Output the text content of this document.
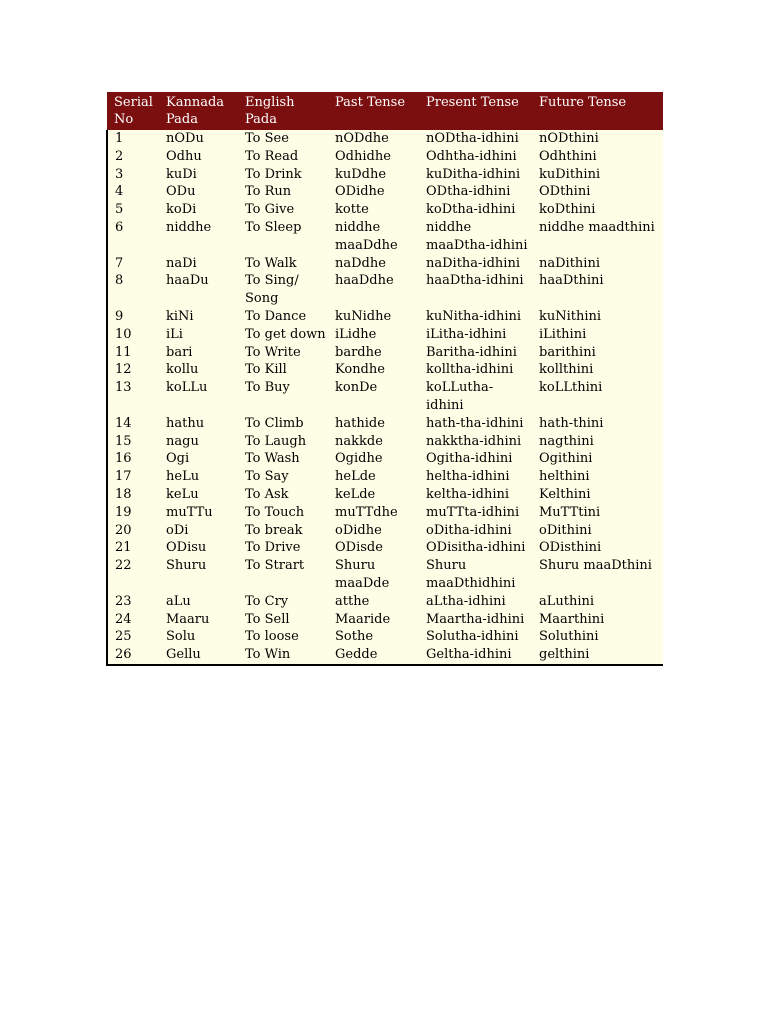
Serial No	Kannada Pada	English Pada	Past Tense	Present Tense	Future Tense
1	nODu	To See	nODdhe	nODtha-idhini	nODthini
2	Odhu	To Read	Odhidhe	Odhtha-idhini	Odhthini
3	kuDi	To Drink	kuDdhe	kuDitha-idhini	kuDithini
4	ODu	To Run	ODidhe	ODtha-idhini	ODthini
5	koDi	To Give	kotte	koDtha-idhini	koDthini
6	niddhe	To Sleep	niddhe maaDdhe	niddhe maaDtha-idhini	niddhe maadthini
7	naDi	To Walk	naDdhe	naDitha-idhini	naDithini
8	haaDu	To Sing/ Song	haaDdhe	haaDtha-idhini	haaDthini
9	kiNi	To Dance	kuNidhe	kuNitha-idhini	kuNithini
10	iLi	To get down	iLidhe	iLitha-idhini	iLithini
11	bari	To Write	bardhe	Baritha-idhini	barithini
12	kollu	To Kill	Kondhe	kolltha-idhini	kollthini
13	koLLu	To Buy	konDe	koLLutha- idhini	koLLthini
14	hathu	To Climb	hathide	hath-tha-idhini	hath-thini
15	nagu	To Laugh	nakkde	nakktha-idhini	nagthini
16	Ogi	To Wash	Ogidhe	Ogitha-idhini	Ogithini
17	heLu	To Say	heLde	heltha-idhini	helthini
18	keLu	To Ask	keLde	keltha-idhini	Kelthini
19	muTTu	To Touch	muTTdhe	muTTta-idhini	MuTTtini
20	oDi	To break	oDidhe	oDitha-idhini	oDithini
21	ODisu	To Drive	ODisde	ODisitha-idhini	ODisthini
22	Shuru	To Strart	Shuru maaDde	Shuru maaDthidhini	Shuru maaDthini
23	aLu	To Cry	atthe	aLtha-idhini	aLuthini
24	Maaru	To Sell	Maaride	Maartha-idhini	Maarthini
25	Solu	To loose	Sothe	Solutha-idhini	Soluthini
26	Gellu	To Win	Gedde	Geltha-idhini	gelthini
